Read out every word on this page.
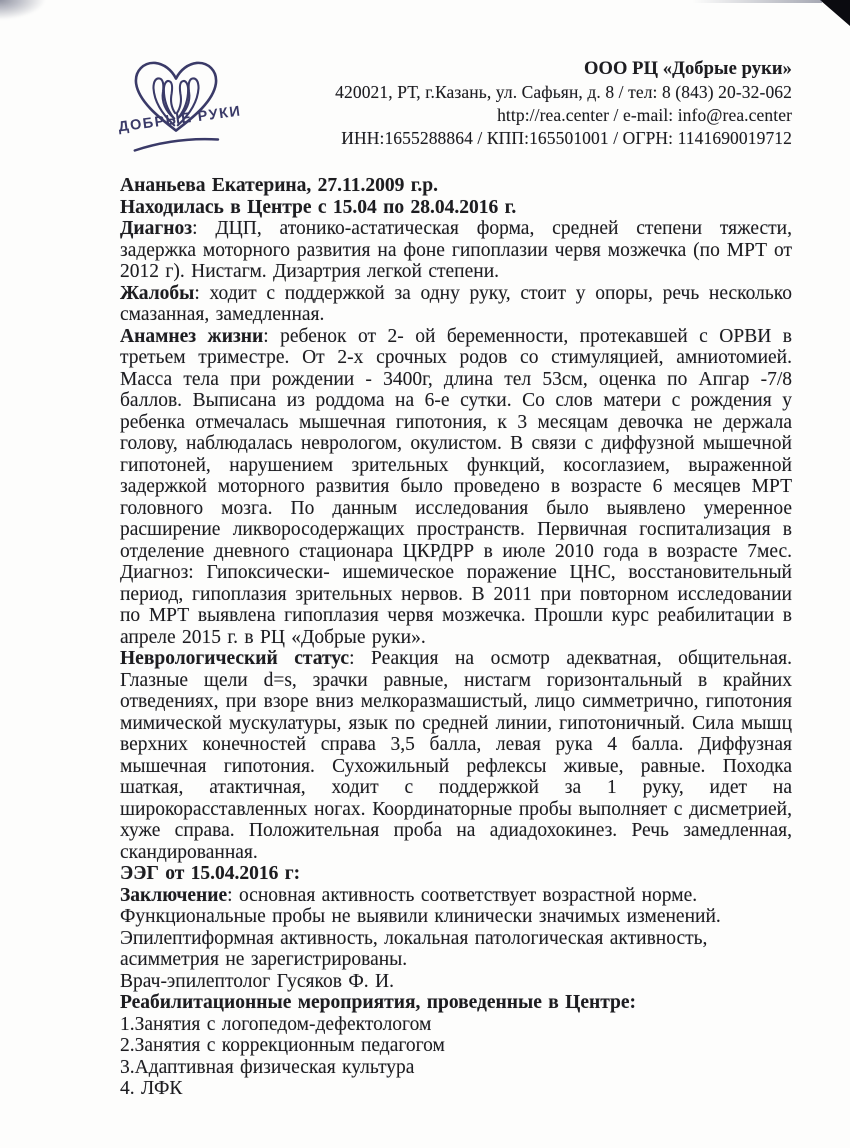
ДОБРЫЕ РУКИ
ООО РЦ «Добрые руки»
420021, РТ, г.Казань, ул. Сафьян, д. 8 / тел: 8 (843) 20-32-062
http://rea.center / e-mail: info@rea.center
ИНН:1655288864 / КПП:165501001 / ОГРН: 1141690019712

Ананьева Екатерина, 27.11.2009 г.р.

Находилась в Центре с 15.04 по 28.04.2016 г.

Диагноз: ДЦП, атонико-астатическая форма, средней степени тяжести, задержка моторного развития на фоне гипоплазии червя мозжечка (по МРТ от 2012 г). Нистагм. Дизартрия легкой степени.

Жалобы: ходит с поддержкой за одну руку, стоит у опоры, речь несколько смазанная, замедленная.

Анамнез жизни: ребенок от 2- ой беременности, протекавшей с ОРВИ в третьем триместре. От 2-х срочных родов со стимуляцией, амниотомией. Масса тела при рождении - 3400г, длина тел 53см, оценка по Апгар -7/8 баллов. Выписана из роддома на 6-е сутки. Со слов матери с рождения у ребенка отмечалась мышечная гипотония, к 3 месяцам девочка не держала голову, наблюдалась неврологом, окулистом. В связи с диффузной мышечной гипотоней, нарушением зрительных функций, косоглазием, выраженной задержкой моторного развития было проведено в возрасте 6 месяцев МРТ головного мозга. По данным исследования было выявлено умеренное расширение ликворосодержащих пространств. Первичная госпитализация в отделение дневного стационара ЦКРДРР в июле 2010 года в возрасте 7мес. Диагноз: Гипоксически- ишемическое поражение ЦНС, восстановительный период, гипоплазия зрительных нервов. В 2011 при повторном исследовании по МРТ выявлена гипоплазия червя мозжечка. Прошли курс реабилитации в апреле 2015 г. в РЦ «Добрые руки».

Неврологический статус: Реакция на осмотр адекватная, общительная. Глазные щели d=s, зрачки равные, нистагм горизонтальный в крайних отведениях, при взоре вниз мелкоразмашистый, лицо симметрично, гипотония мимической мускулатуры, язык по средней линии, гипотоничный. Сила мышц верхних конечностей справа 3,5 балла, левая рука 4 балла. Диффузная мышечная гипотония. Сухожильный рефлексы живые, равные. Походка шаткая, атактичная, ходит с поддержкой за 1 руку, идет на широкорасставленных ногах. Координаторные пробы выполняет с дисметрией, хуже справа. Положительная проба на адиадохокинез. Речь замедленная, скандированная.

ЭЭГ от 15.04.2016 г:

Заключение: основная активность соответствует возрастной норме.

Функциональные пробы не выявили клинически значимых изменений.

Эпилептиформная активность, локальная патологическая активность,

асимметрия не зарегистрированы.

Врач-эпилептолог Гусяков Ф. И.

Реабилитационные мероприятия, проведенные в Центре:

1.Занятия с логопедом-дефектологом

2.Занятия с коррекционным педагогом

3.Адаптивная физическая культура

4. ЛФК
